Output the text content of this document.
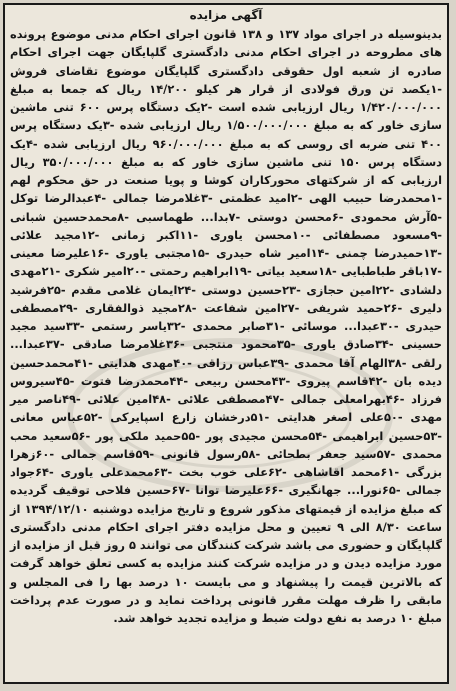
آگهی مزایده

بدینوسیله در اجرای مواد ۱۳۷ و ۱۳۸ قانون اجرای احکام مدنی موضوع پرونده های مطروحه در اجرای احکام مدنی دادگستری گلپایگان جهت اجرای احکام صادره از شعبه اول حقوقی دادگستری گلپایگان موضوع تقاضای فروش -۱یکصد تن ورق فولادی از قرار هر کیلو ۱۴/۲۰۰ ریال که جمعا به مبلغ ۱/۴۲۰/۰۰۰/۰۰۰ ریال ارزیابی شده است -۲یک دستگاه پرس ۶۰۰ تنی ماشین سازی خاور که به مبلغ ۱/۵۰۰/۰۰۰/۰۰۰ ریال ارزیابی شده -۳یک دستگاه پرس ۴۰۰ تنی ضربه ای روسی که به مبلغ ۹۶۰/۰۰۰/۰۰۰ ریال ارزیابی شده -۴یک دستگاه پرس ۱۵۰ تنی ماشین سازی خاور که به مبلغ ۳۵۰/۰۰۰/۰۰۰ ریال ارزیابی که از شرکتهای محورکاران کوشا و پویا صنعت در حق محکوم لهم -۱محمدرضا حبیب الهی -۲امید عظمتی -۳غلامرضا جمالی -۴عبدالرضا توکل -۵آرش محمودی -۶محسن دوستی -۷بدا... طهماسبی -۸محمدحسین شبانی -۹مسعود مصطفائی -۱۰محسن یاوری -۱۱اکبر زمانی -۱۲مجید علائی -۱۳حمیدرضا چمنی -۱۴امیر شاه حیدری -۱۵مجتبی یاوری -۱۶علیرضا معینی -۱۷باقر طباطبایی -۱۸سعید بیاتی -۱۹ابراهیم رحمتی -۲۰امیر شکری -۲۱مهدی دلشادی -۲۲امین حجازی -۲۳حسین دوستی -۲۴ایمان غلامی مقدم -۲۵فرشید دلیری -۲۶حمید شریفی -۲۷امین شفاعت -۲۸مجید ذوالفقاری -۲۹مصطفی حیدری -۳۰عبدا... موسائی -۳۱صابر محمدی -۳۲یاسر رستمی -۳۳سید مجید حسینی -۳۴صادق یاوری -۳۵محمود منتجبی -۳۶غلامرضا صادقی -۳۷عبدا... رلقی -۳۸الهام آقا محمدی -۳۹عباس رزاقی -۴۰مهدی هدایتی -۴۱محمدحسین دیده بان -۴۲قاسم پیروی -۴۳محسن ربیعی -۴۴محمدرضا فتوت -۴۵سیروس فرزاد -۴۶بهرامعلی جمالی -۴۷مصطفی علائی -۴۸امین علائی -۴۹ناصر میر مهدی -۵۰علی اصغر هدایتی -۵۱درخشان زارع اسپایرکی -۵۲عباس معانی -۵۳حسین ابراهیمی -۵۴محسن مجیدی پور -۵۵حمید ملکی پور -۵۶سعید محب محمدی -۵۷سید جعفر بطحائی -۵۸رسول قانونی -۵۹قاسم جمالی -۶۰زهرا بزرگی -۶۱محمد اقاشاهی -۶۲علی خوب بخت -۶۳محمدعلی یاوری -۶۴جواد جمالی -۶۵نورا... جهانگیری -۶۶علیرضا توانا -۶۷حسین فلاحی توقیف گردیده که مبلغ مزایده از قیمتهای مذکور شروع و تاریخ مزایده دوشنبه ۱۳۹۴/۱۲/۱۰ از ساعت ۸/۳۰ الی ۹ تعیین و محل مزایده دفتر اجرای احکام مدنی دادگستری گلپایگان و حضوری می باشد شرکت کنندگان می توانند ۵ روز قبل از مزایده از مورد مزایده دیدن و در مزایده شرکت کنند مزایده به کسی تعلق خواهد گرفت که بالاترین قیمت را پیشنهاد و می بایست ۱۰ درصد بها را فی المجلس و مابقی را ظرف مهلت مقرر قانونی پرداخت نماید و در صورت عدم پرداخت مبلغ ۱۰ درصد به نفع دولت ضبط و مزایده تجدید خواهد شد.
